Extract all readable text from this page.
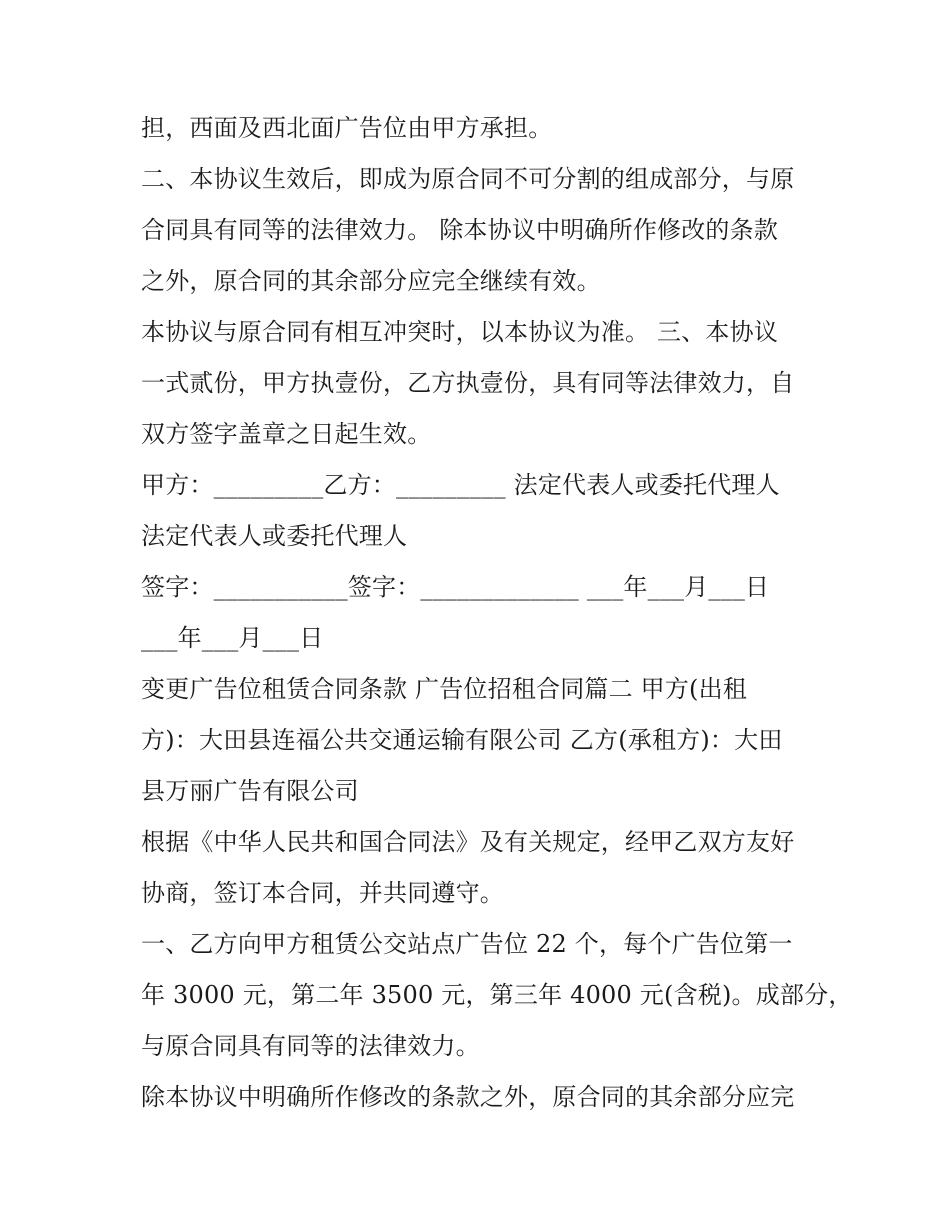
担，西面及西北面广告位由甲方承担。
二、本协议生效后，即成为原合同不可分割的组成部分，与原
合同具有同等的法律效力。 除本协议中明确所作修改的条款
之外，原合同的其余部分应完全继续有效。
本协议与原合同有相互冲突时，以本协议为准。 三、本协议
一式贰份，甲方执壹份，乙方执壹份，具有同等法律效力，自
双方签字盖章之日起生效。
甲方：_________乙方：_________ 法定代表人或委托代理人
法定代表人或委托代理人
签字：___________签字：_____________ ___年___月___日
___年___月___日
变更广告位租赁合同条款 广告位招租合同篇二 甲方(出租
方)：大田县连福公共交通运输有限公司 乙方(承租方)：大田
县万丽广告有限公司
根据《中华人民共和国合同法》及有关规定，经甲乙双方友好
协商，签订本合同，并共同遵守。
一、乙方向甲方租赁公交站点广告位 22 个，每个广告位第一
年 3000 元，第二年 3500 元，第三年 4000 元(含税)。成部分，
与原合同具有同等的法律效力。
除本协议中明确所作修改的条款之外，原合同的其余部分应完
